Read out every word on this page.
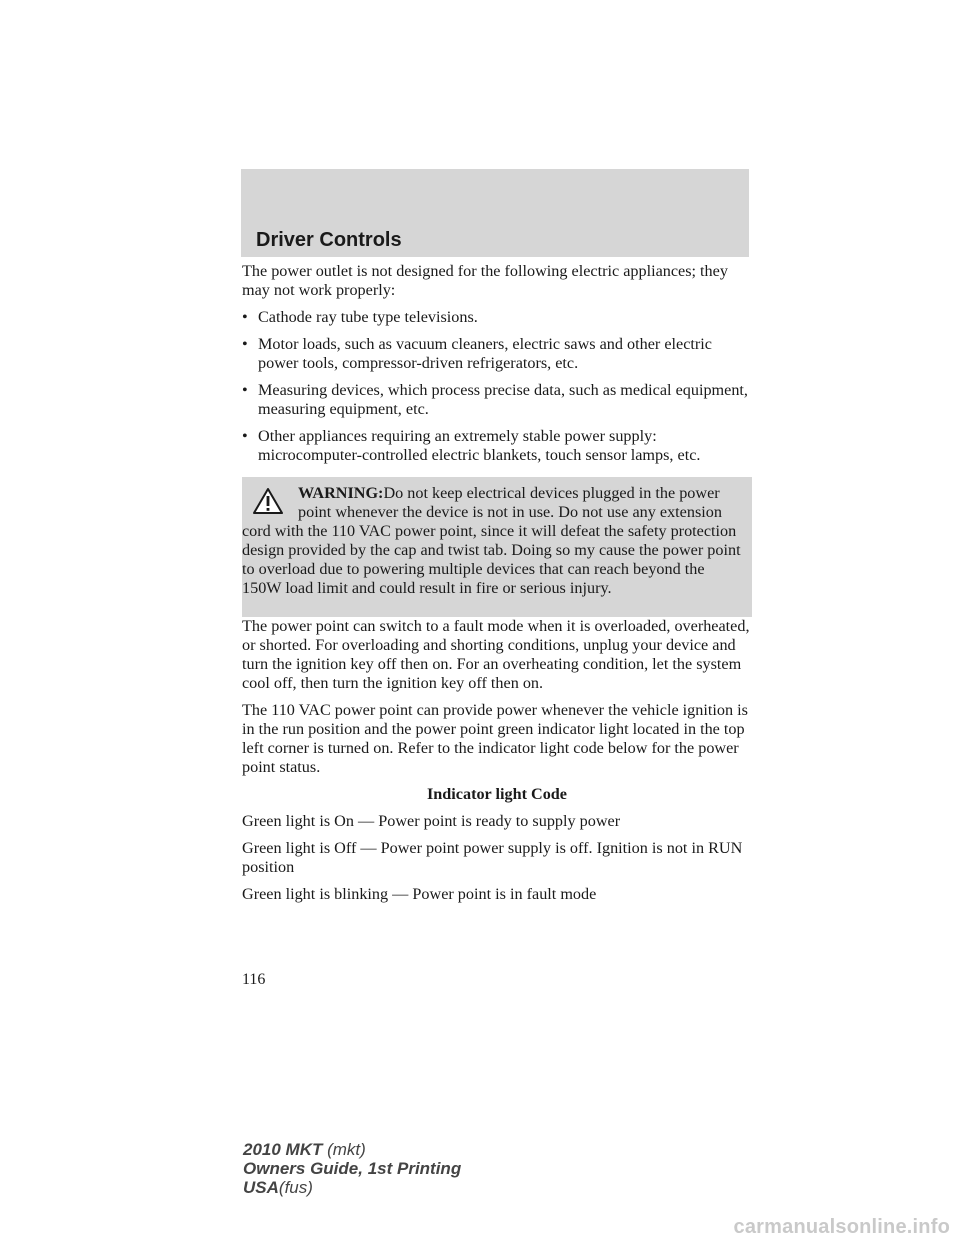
Driver Controls

The power outlet is not designed for the following electric appliances; they may not work properly:

• Cathode ray tube type televisions.
• Motor loads, such as vacuum cleaners, electric saws and other electric power tools, compressor-driven refrigerators, etc.
• Measuring devices, which process precise data, such as medical equipment, measuring equipment, etc.
• Other appliances requiring an extremely stable power supply: microcomputer-controlled electric blankets, touch sensor lamps, etc.

WARNING:Do not keep electrical devices plugged in the power point whenever the device is not in use. Do not use any extension cord with the 110 VAC power point, since it will defeat the safety protection design provided by the cap and twist tab. Doing so my cause the power point to overload due to powering multiple devices that can reach beyond the 150W load limit and could result in fire or serious injury.

The power point can switch to a fault mode when it is overloaded, overheated, or shorted. For overloading and shorting conditions, unplug your device and turn the ignition key off then on. For an overheating condition, let the system cool off, then turn the ignition key off then on.

The 110 VAC power point can provide power whenever the vehicle ignition is in the run position and the power point green indicator light located in the top left corner is turned on. Refer to the indicator light code below for the power point status.

Indicator light Code

Green light is On — Power point is ready to supply power

Green light is Off — Power point power supply is off. Ignition is not in RUN position

Green light is blinking — Power point is in fault mode

116
2010 MKT (mkt)
Owners Guide, 1st Printing
USA(fus)
carmanualsonline.info
